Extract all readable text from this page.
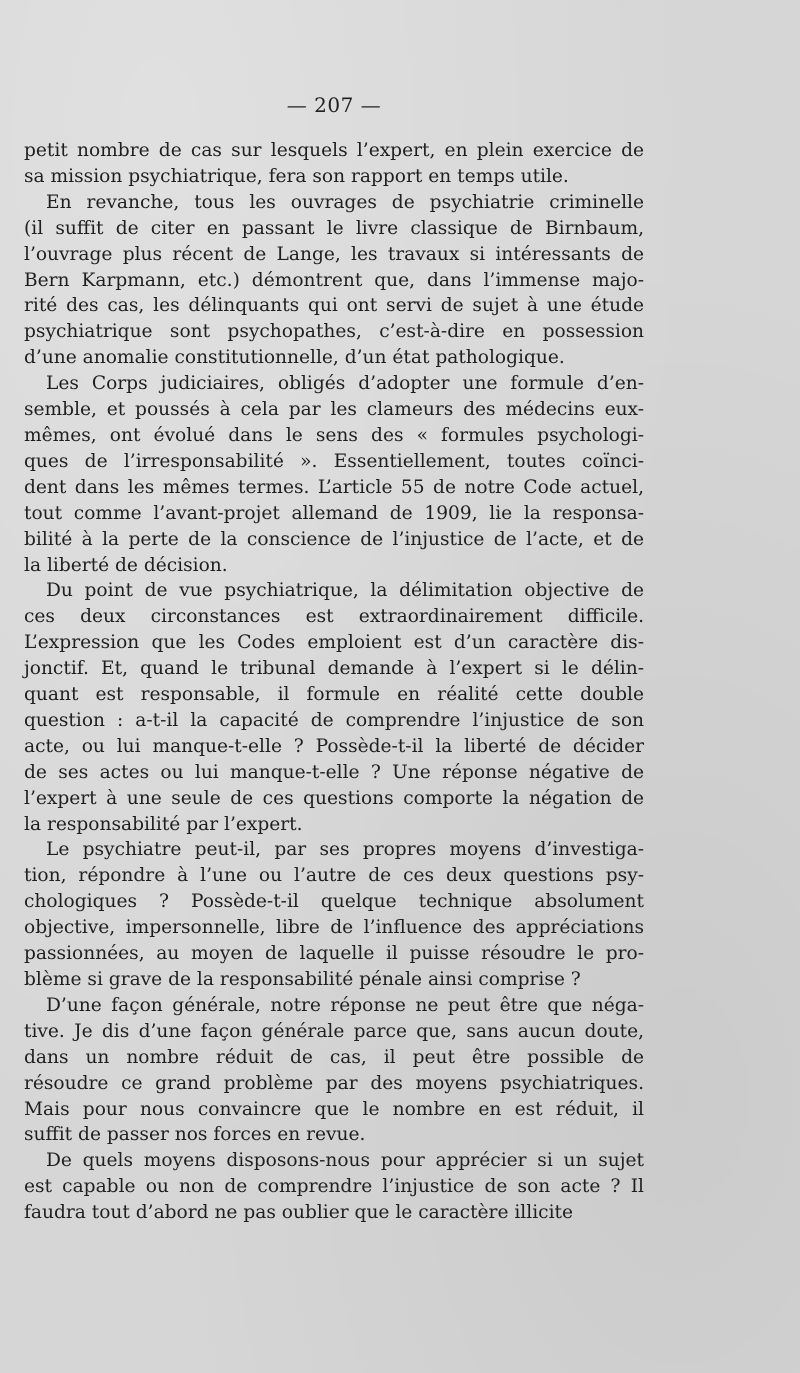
— 207 —

petit nombre de cas sur lesquels l’expert, en plein exercice de

sa mission psychiatrique, fera son rapport en temps utile.

En revanche, tous les ouvrages de psychiatrie criminelle

(il suffit de citer en passant le livre classique de Birnbaum,

l’ouvrage plus récent de Lange, les travaux si intéressants de

Bern Karpmann, etc.) démontrent que, dans l’immense majo-

rité des cas, les délinquants qui ont servi de sujet à une étude

psychiatrique sont psychopathes, c’est-à-dire en possession

d’une anomalie constitutionnelle, d’un état pathologique.

Les Corps judiciaires, obligés d’adopter une formule d’en-

semble, et poussés à cela par les clameurs des médecins eux-

mêmes, ont évolué dans le sens des « formules psychologi-

ques de l’irresponsabilité ». Essentiellement, toutes coïnci-

dent dans les mêmes termes. L’article 55 de notre Code actuel,

tout comme l’avant-projet allemand de 1909, lie la responsa-

bilité à la perte de la conscience de l’injustice de l’acte, et de

la liberté de décision.

Du point de vue psychiatrique, la délimitation objective de

ces deux circonstances est extraordinairement difficile.

L’expression que les Codes emploient est d’un caractère dis-

jonctif. Et, quand le tribunal demande à l’expert si le délin-

quant est responsable, il formule en réalité cette double

question : a-t-il la capacité de comprendre l’injustice de son

acte, ou lui manque-t-elle ? Possède-t-il la liberté de décider

de ses actes ou lui manque-t-elle ? Une réponse négative de

l’expert à une seule de ces questions comporte la négation de

la responsabilité par l’expert.

Le psychiatre peut-il, par ses propres moyens d’investiga-

tion, répondre à l’une ou l’autre de ces deux questions psy-

chologiques ? Possède-t-il quelque technique absolument

objective, impersonnelle, libre de l’influence des appréciations

passionnées, au moyen de laquelle il puisse résoudre le pro-

blème si grave de la responsabilité pénale ainsi comprise ?

D’une façon générale, notre réponse ne peut être que néga-

tive. Je dis d’une façon générale parce que, sans aucun doute,

dans un nombre réduit de cas, il peut être possible de

résoudre ce grand problème par des moyens psychiatriques.

Mais pour nous convaincre que le nombre en est réduit, il

suffit de passer nos forces en revue.

De quels moyens disposons-nous pour apprécier si un sujet

est capable ou non de comprendre l’injustice de son acte ? Il

faudra tout d’abord ne pas oublier que le caractère illicite
